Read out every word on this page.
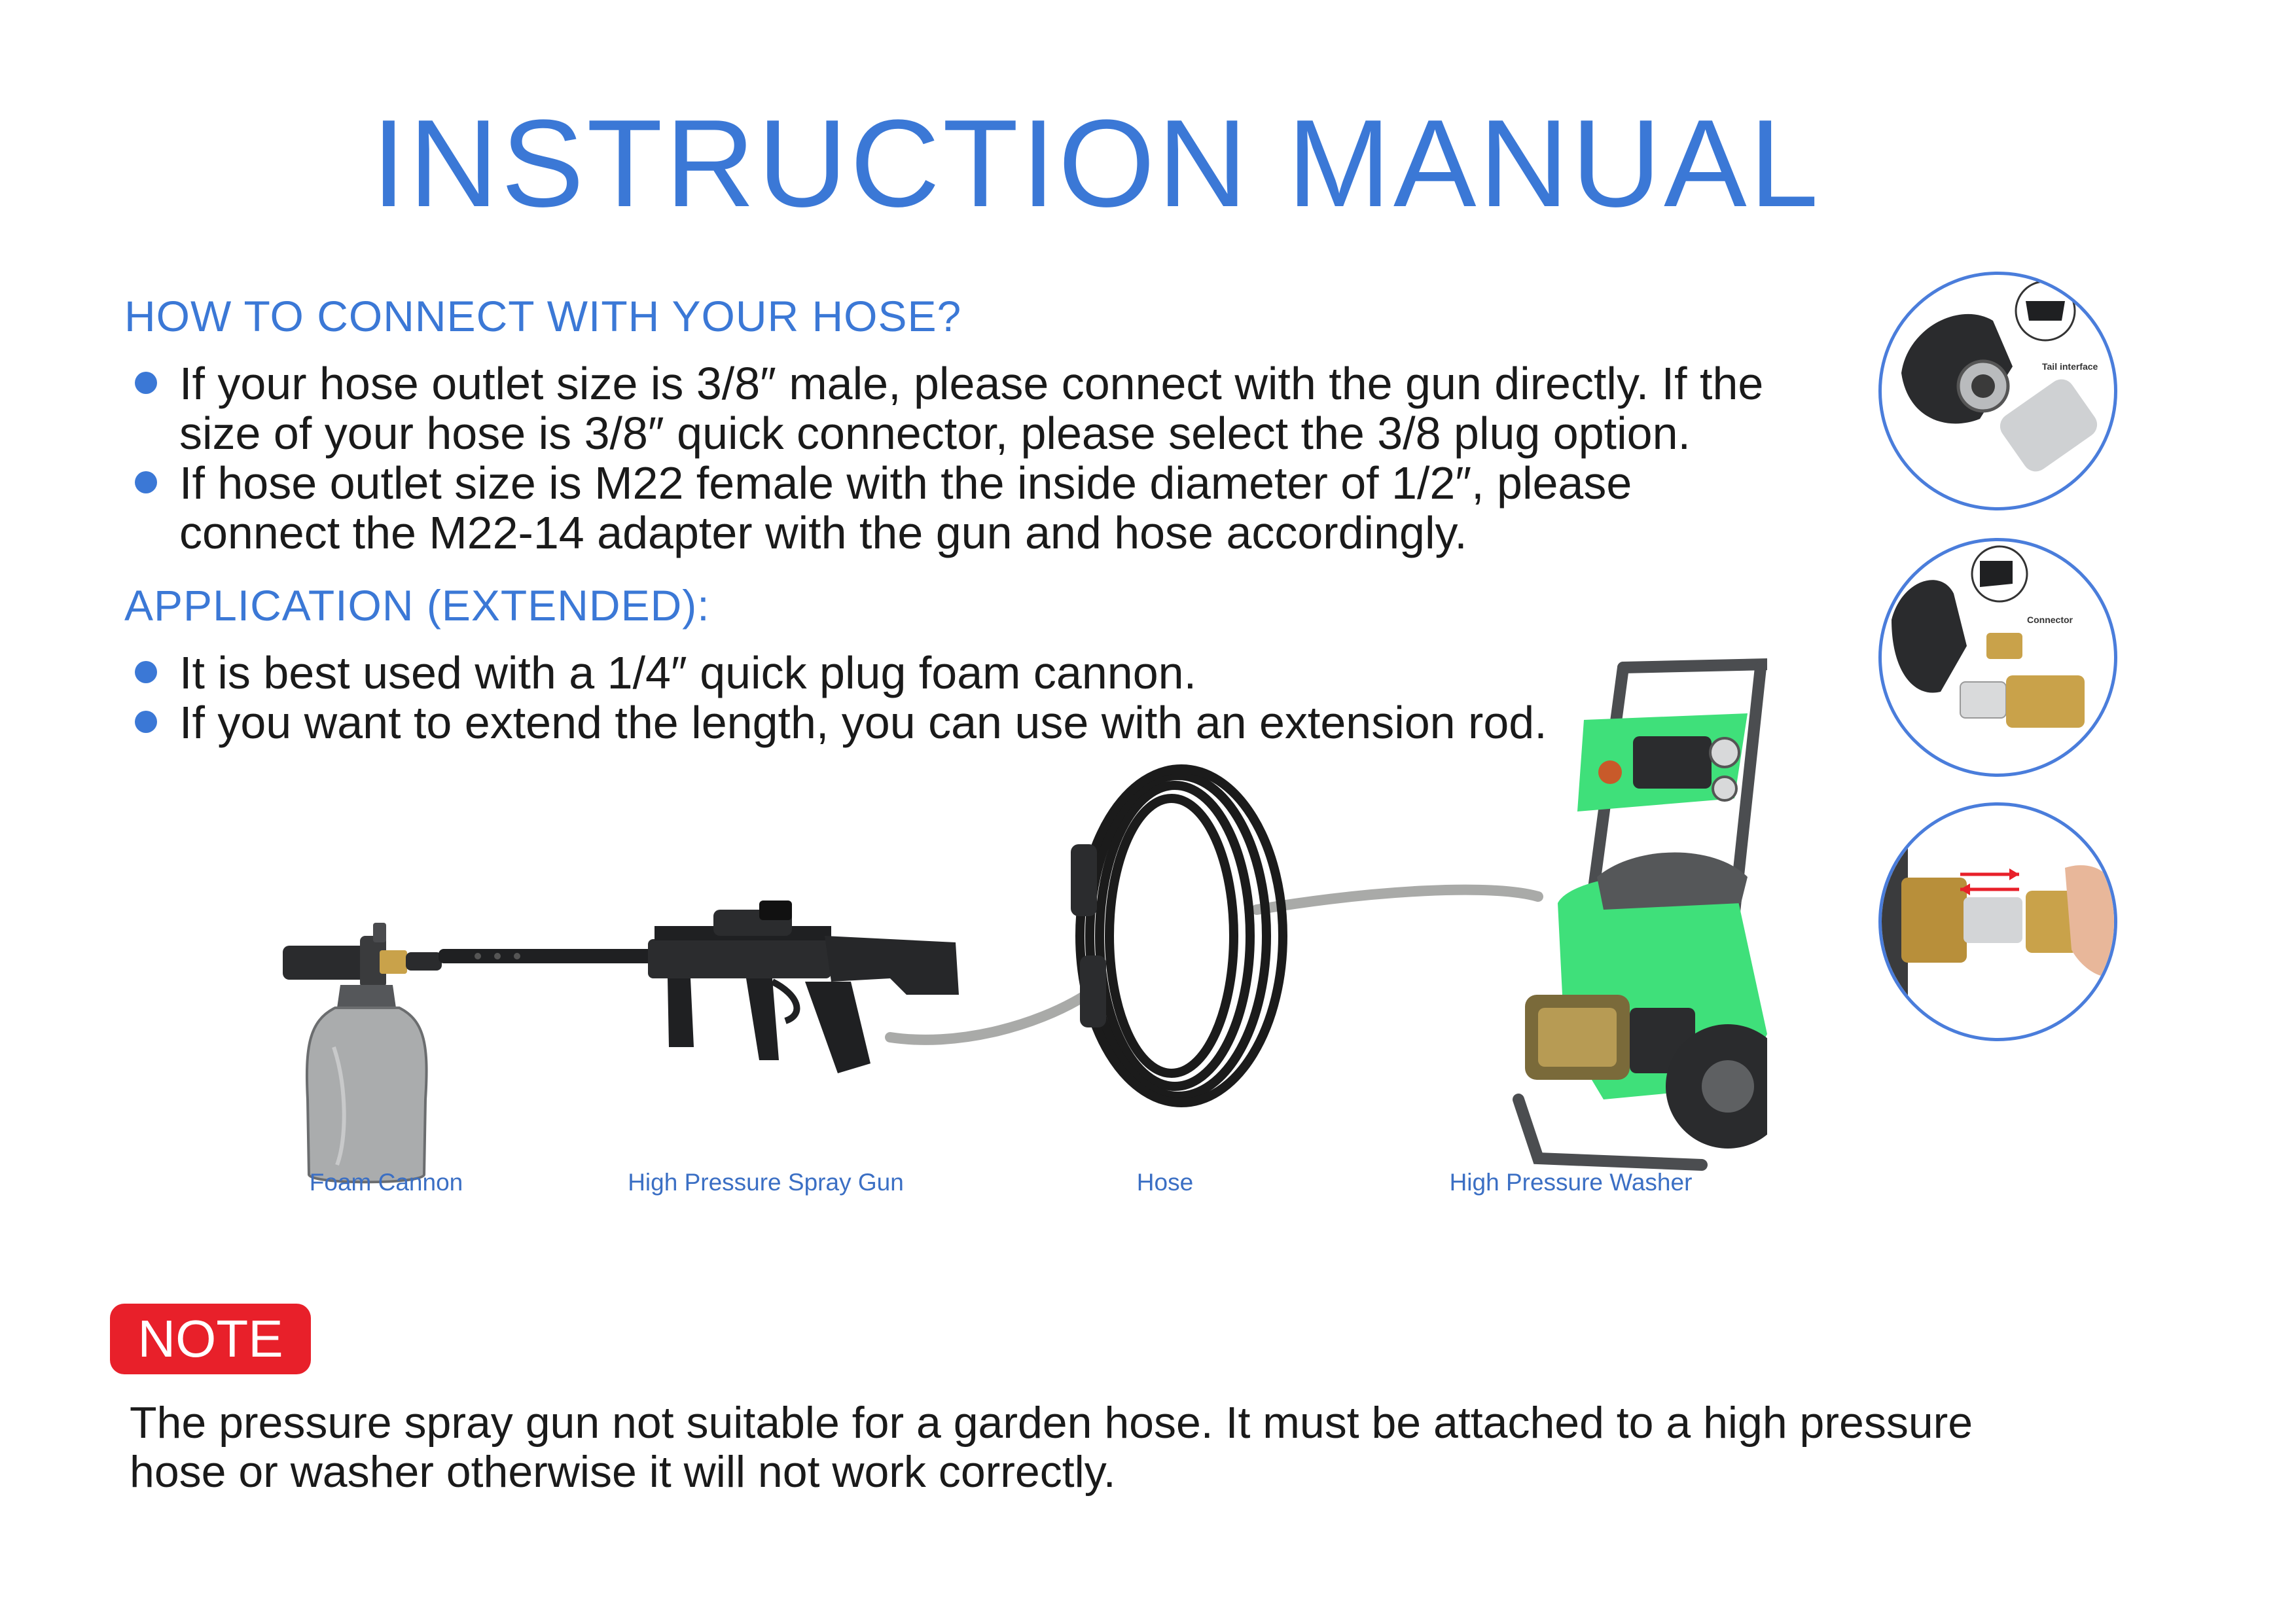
INSTRUCTION MANUAL
HOW TO CONNECT WITH YOUR HOSE?
If your hose outlet size is 3/8″ male, please connect with the gun directly. If the size of your hose is 3/8″ quick connector, please select the 3/8 plug option.
If hose outlet size is M22 female with the inside diameter of 1/2″, please connect the M22-14 adapter with the gun and hose accordingly.
APPLICATION (EXTENDED):
It is best used with a 1/4″ quick plug foam cannon.
If you want to extend the length, you can use with an extension rod.
Foam Cannon	High Pressure Spray Gun	Hose	High Pressure Washer
Tail interface
Connector
NOTE
The pressure spray gun not suitable for a garden hose. It must be attached to a high pressure hose or washer otherwise it will not work correctly.
